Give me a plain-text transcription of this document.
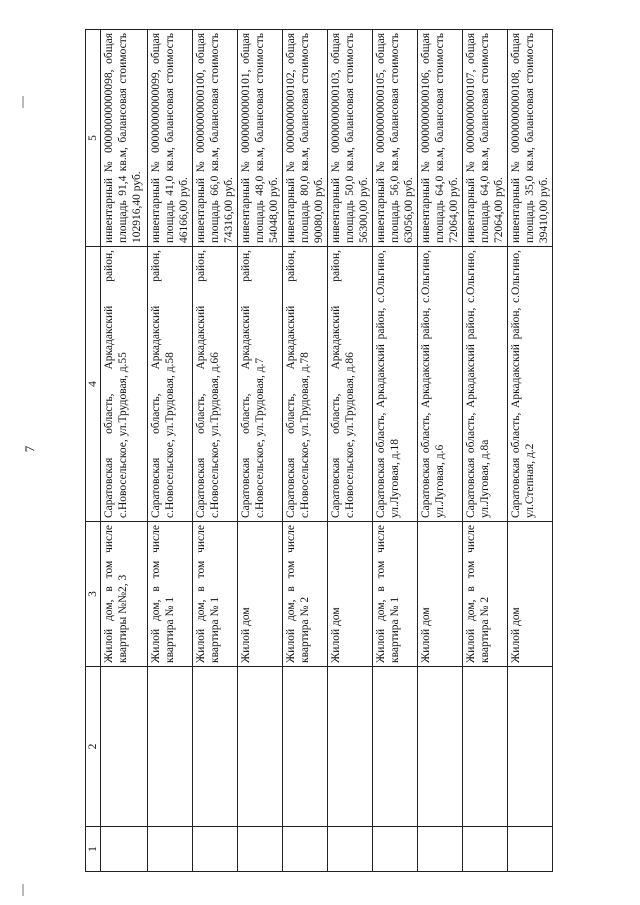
7
1	2	3	4	5
		Жилой дом, в том числе квартиры №№2, 3	Саратовская область, Аркадакский район, с.Новосельское, ул.Трудовая, д.55	инвентарный № 00000000000098, общая площадь 91,4 кв.м, балансовая стоимость 102916,40 руб.
		Жилой дом, в том числе квартира № 1	Саратовская область, Аркадакский район, с.Новосельское, ул.Трудовая, д.58	инвентарный № 00000000000099, общая площадь 41,0 кв.м, балансовая стоимость 46166,00 руб.
		Жилой дом, в том числе квартира № 1	Саратовская область, Аркадакский район, с.Новосельское, ул.Трудовая, д.66	инвентарный № 00000000000100, общая площадь 66,0 кв.м, балансовая стоимость 74316,00 руб.
		Жилой дом	Саратовская область, Аркадакский район, с.Новосельское, ул.Трудовая, д.7	инвентарный № 00000000000101, общая площадь 48,0 кв.м, балансовая стоимость 54048,00 руб.
		Жилой дом, в том числе квартира № 2	Саратовская область, Аркадакский район, с.Новосельское, ул.Трудовая, д.78	инвентарный № 00000000000102, общая площадь 80,0 кв.м, балансовая стоимость 90080,00 руб.
		Жилой дом	Саратовская область, Аркадакский район, с.Новосельское, ул.Трудовая, д.86	инвентарный № 00000000000103, общая площадь 50,0 кв.м, балансовая стоимость 56300,00 руб.
		Жилой дом, в том числе квартира № 1	Саратовская область, Аркадакский район, с.Ольгино, ул.Луговая, д.18	инвентарный № 00000000000105, общая площадь 56,0 кв.м, балансовая стоимость 63056,00 руб.
		Жилой дом	Саратовская область, Аркадакский район, с.Ольгино, ул.Луговая, д.6	инвентарный № 00000000000106, общая площадь 64,0 кв.м, балансовая стоимость 72064,00 руб.
		Жилой дом, в том числе квартира № 2	Саратовская область, Аркадакский район, с.Ольгино, ул.Луговая, д.8а	инвентарный № 00000000000107, общая площадь 64,0 кв.м, балансовая стоимость 72064,00 руб.
		Жилой дом	Саратовская область, Аркадакский район, с.Ольгино, ул.Степная, д.2	инвентарный № 00000000000108, общая площадь 35,0 кв.м, балансовая стоимость 39410,00 руб.
